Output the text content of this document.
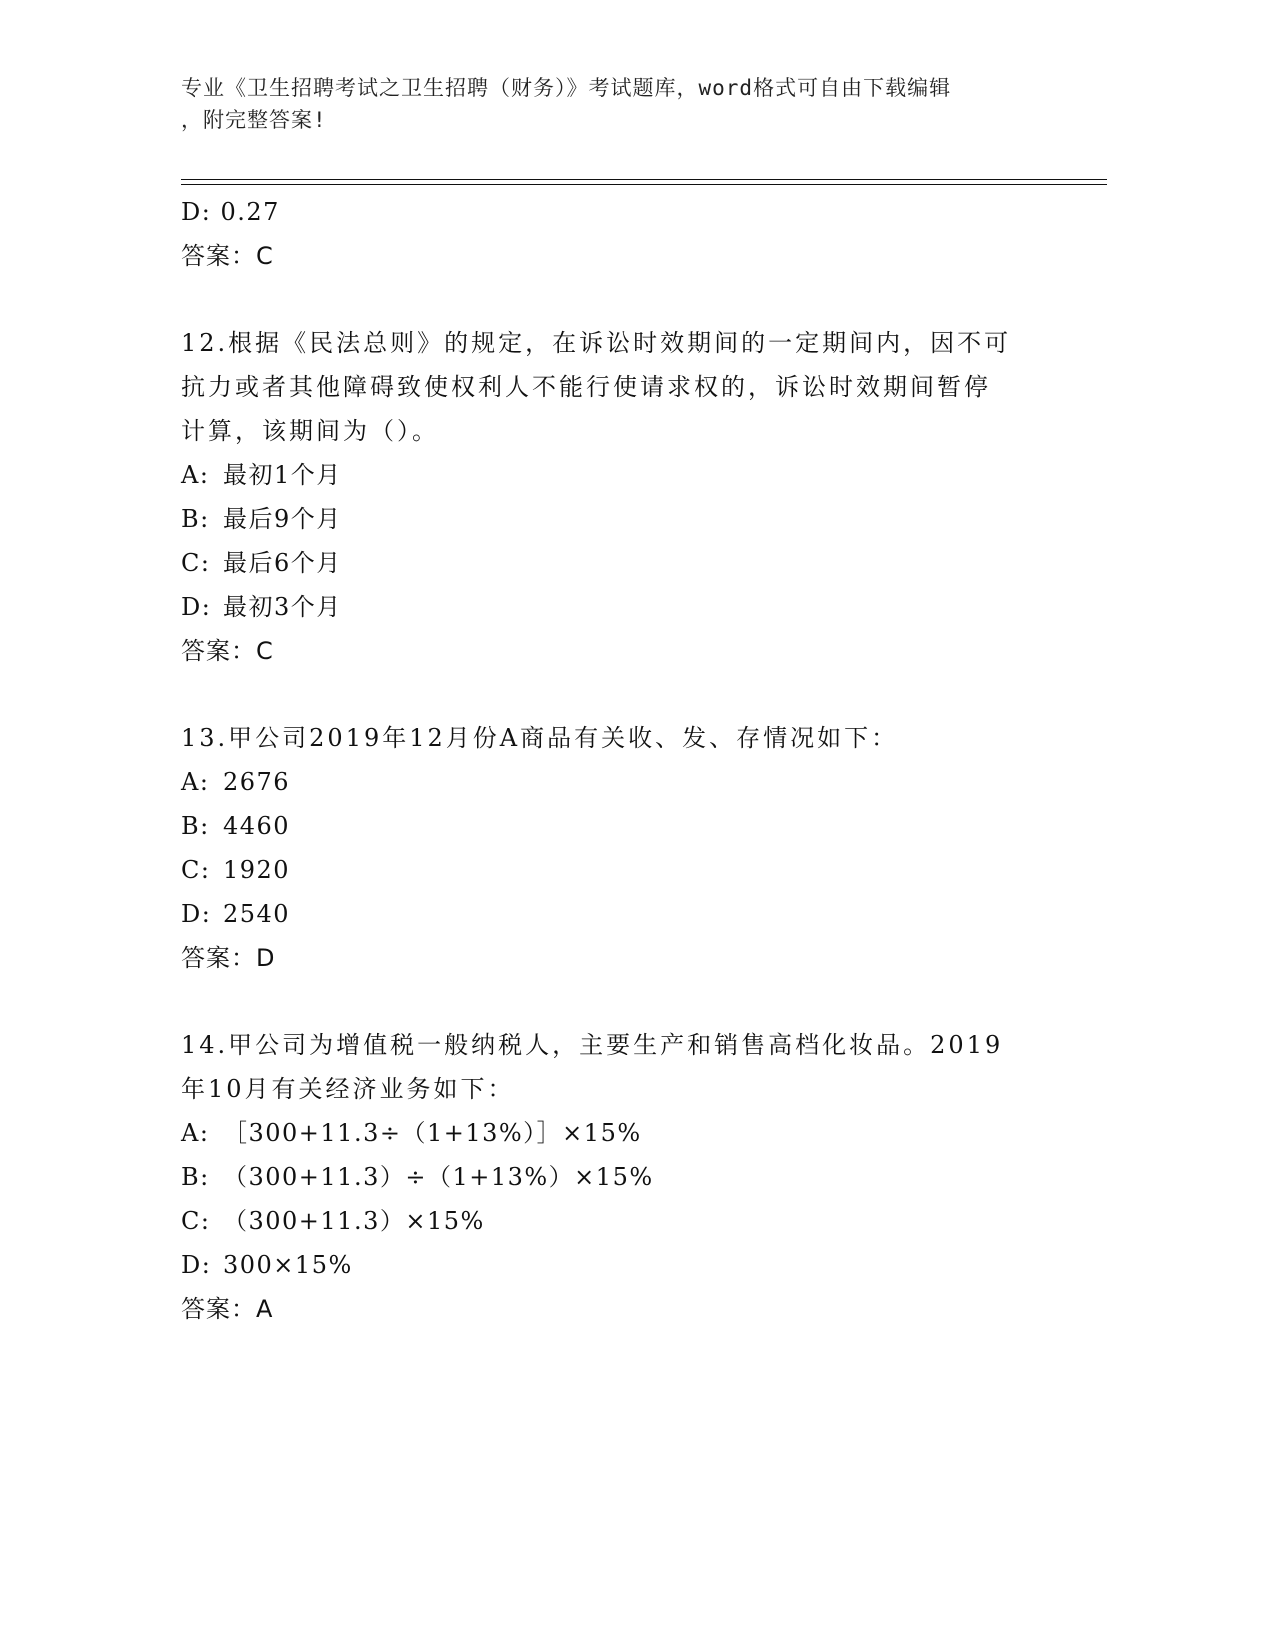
专业《卫生招聘考试之卫生招聘（财务）》考试题库，word格式可自由下载编辑
，附完整答案!
D: 0.27
答案：C
12.根据《民法总则》的规定，在诉讼时效期间的一定期间内，因不可
抗力或者其他障碍致使权利人不能行使请求权的，诉讼时效期间暂停
计算，该期间为（）。
A: 最初1个月
B: 最后9个月
C: 最后6个月
D: 最初3个月
答案：C
13.甲公司2019年12月份A商品有关收、发、存情况如下：
A: 2676
B: 4460
C: 1920
D: 2540
答案：D
14.甲公司为增值税一般纳税人，主要生产和销售高档化妆品。2019
年10月有关经济业务如下：
A: ［300+11.3÷（1+13%）］×15%
B: （300+11.3）÷（1+13%）×15%
C: （300+11.3）×15%
D: 300×15%
答案：A
